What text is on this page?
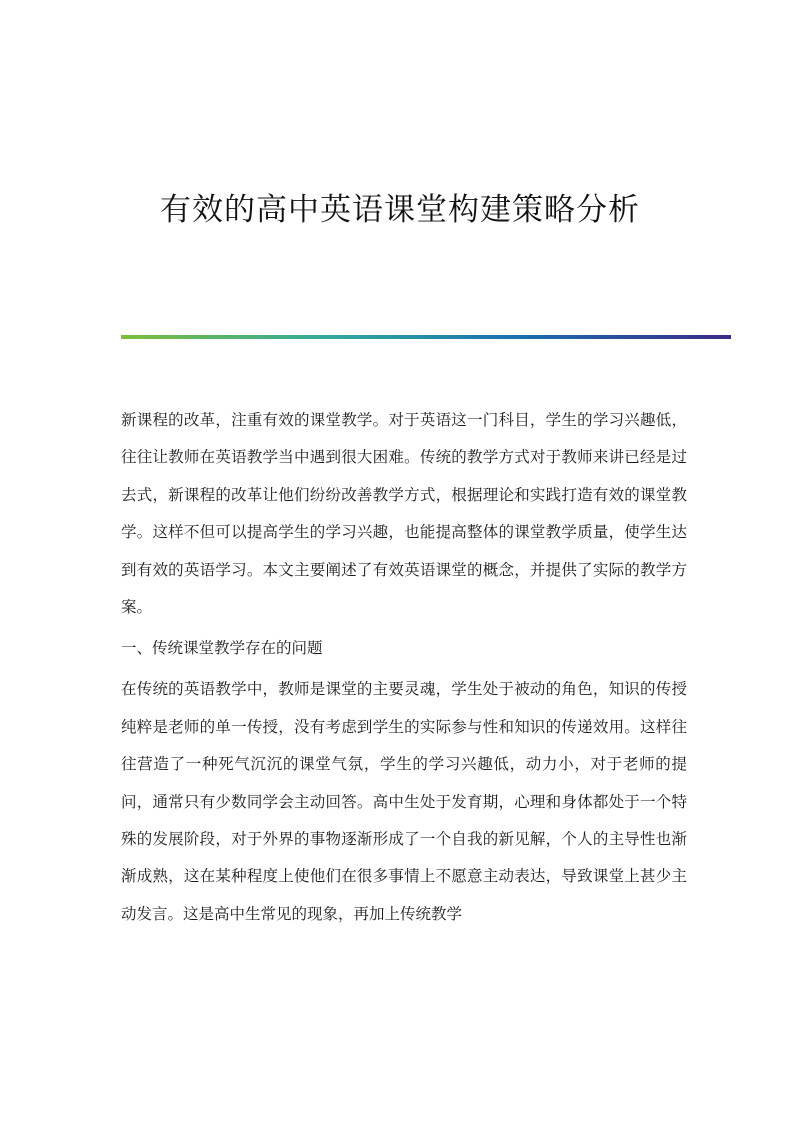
有效的高中英语课堂构建策略分析

新课程的改革，注重有效的课堂教学。对于英语这一门科目，学生的学习兴趣低，往往让教师在英语教学当中遇到很大困难。传统的教学方式对于教师来讲已经是过去式，新课程的改革让他们纷纷改善教学方式，根据理论和实践打造有效的课堂教学。这样不但可以提高学生的学习兴趣，也能提高整体的课堂教学质量，使学生达到有效的英语学习。本文主要阐述了有效英语课堂的概念，并提供了实际的教学方案。

一、传统课堂教学存在的问题

在传统的英语教学中，教师是课堂的主要灵魂，学生处于被动的角色，知识的传授纯粹是老师的单一传授，没有考虑到学生的实际参与性和知识的传递效用。这样往往营造了一种死气沉沉的课堂气氛，学生的学习兴趣低，动力小，对于老师的提问，通常只有少数同学会主动回答。高中生处于发育期，心理和身体都处于一个特殊的发展阶段，对于外界的事物逐渐形成了一个自我的新见解，个人的主导性也渐渐成熟，这在某种程度上使他们在很多事情上不愿意主动表达，导致课堂上甚少主动发言。这是高中生常见的现象，再加上传统教学
